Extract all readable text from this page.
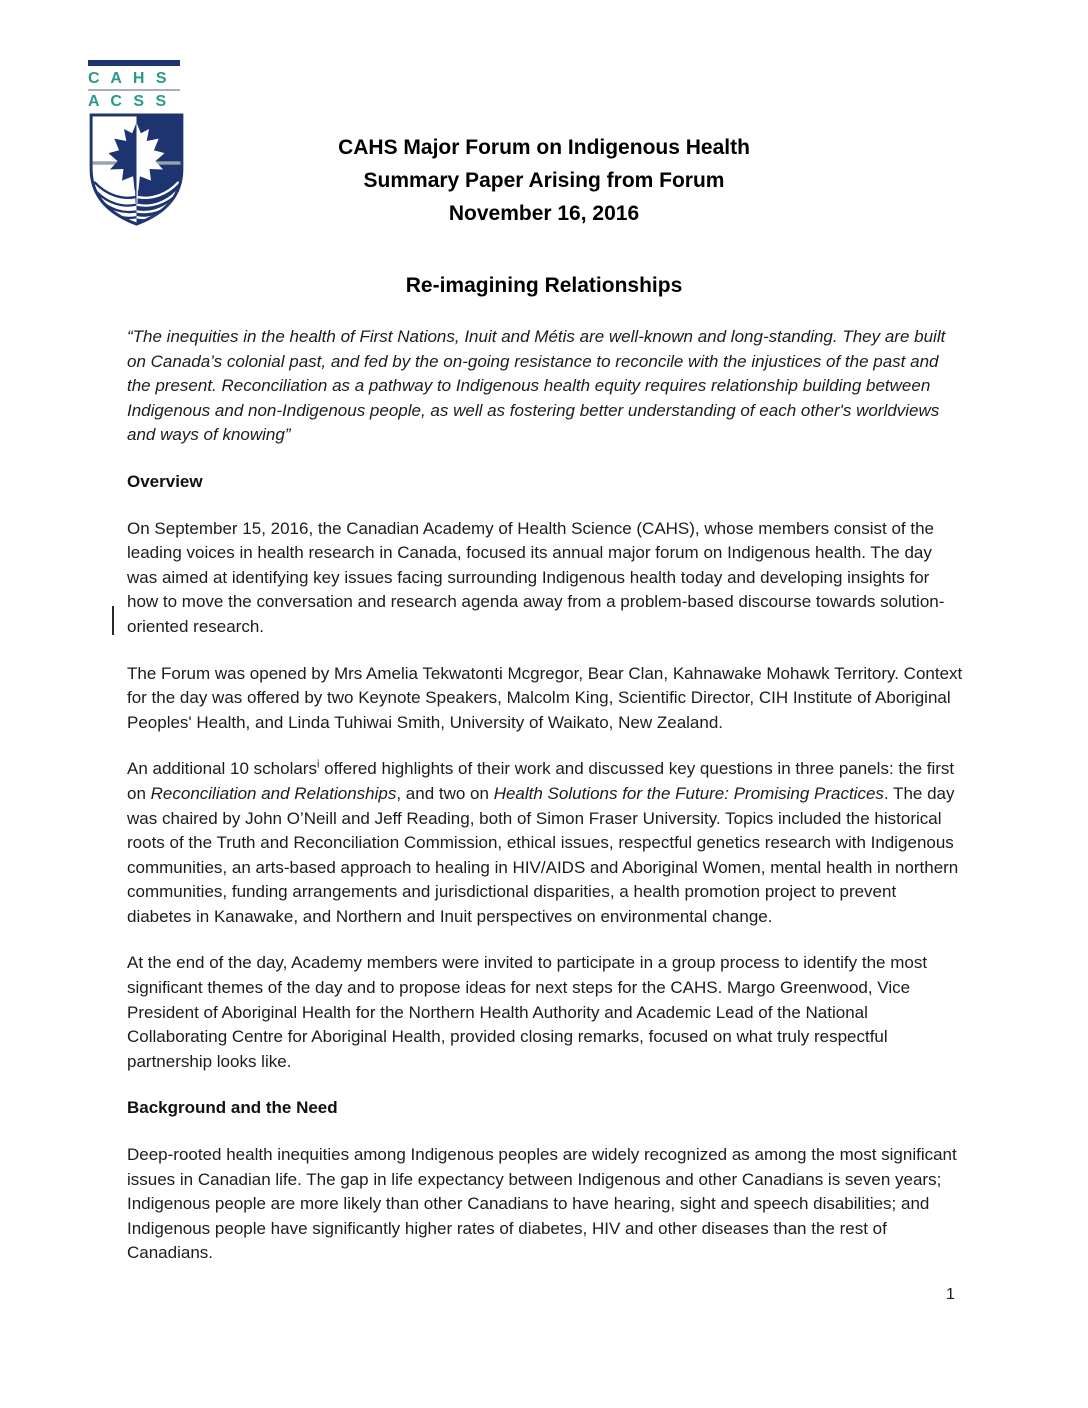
C A H S
A C S S
CAHS Major Forum on Indigenous Health
Summary Paper Arising from Forum
November 16, 2016
Re-imagining Relationships

“The inequities in the health of First Nations, Inuit and Métis are well-known and long-standing. They are built on Canada’s colonial past, and fed by the on-going resistance to reconcile with the injustices of the past and the present. Reconciliation as a pathway to Indigenous health equity requires relationship building between Indigenous and non-Indigenous people, as well as fostering better understanding of each other's worldviews and ways of knowing”

Overview

On September 15, 2016, the Canadian Academy of Health Science (CAHS), whose members consist of the leading voices in health research in Canada, focused its annual major forum on Indigenous health. The day was aimed at identifying key issues facing surrounding Indigenous health today and developing insights for how to move the conversation and research agenda away from a problem-based discourse towards solution-oriented research.

The Forum was opened by Mrs Amelia Tekwatonti Mcgregor, Bear Clan, Kahnawake Mohawk Territory. Context for the day was offered by two Keynote Speakers, Malcolm King, Scientific Director, CIH Institute of Aboriginal Peoples' Health, and Linda Tuhiwai Smith, University of Waikato, New Zealand.

An additional 10 scholars$^i$ offered highlights of their work and discussed key questions in three panels: the first on Reconciliation and Relationships, and two on Health Solutions for the Future: Promising Practices. The day was chaired by John O’Neill and Jeff Reading, both of Simon Fraser University. Topics included the historical roots of the Truth and Reconciliation Commission, ethical issues, respectful genetics research with Indigenous communities, an arts-based approach to healing in HIV/AIDS and Aboriginal Women, mental health in northern communities, funding arrangements and jurisdictional disparities, a health promotion project to prevent diabetes in Kanawake, and Northern and Inuit perspectives on environmental change.

At the end of the day, Academy members were invited to participate in a group process to identify the most significant themes of the day and to propose ideas for next steps for the CAHS. Margo Greenwood, Vice President of Aboriginal Health for the Northern Health Authority and Academic Lead of the National Collaborating Centre for Aboriginal Health, provided closing remarks, focused on what truly respectful partnership looks like.

Background and the Need

Deep-rooted health inequities among Indigenous peoples are widely recognized as among the most significant issues in Canadian life. The gap in life expectancy between Indigenous and other Canadians is seven years; Indigenous people are more likely than other Canadians to have hearing, sight and speech disabilities; and Indigenous people have significantly higher rates of diabetes, HIV and other diseases than the rest of Canadians.

1
